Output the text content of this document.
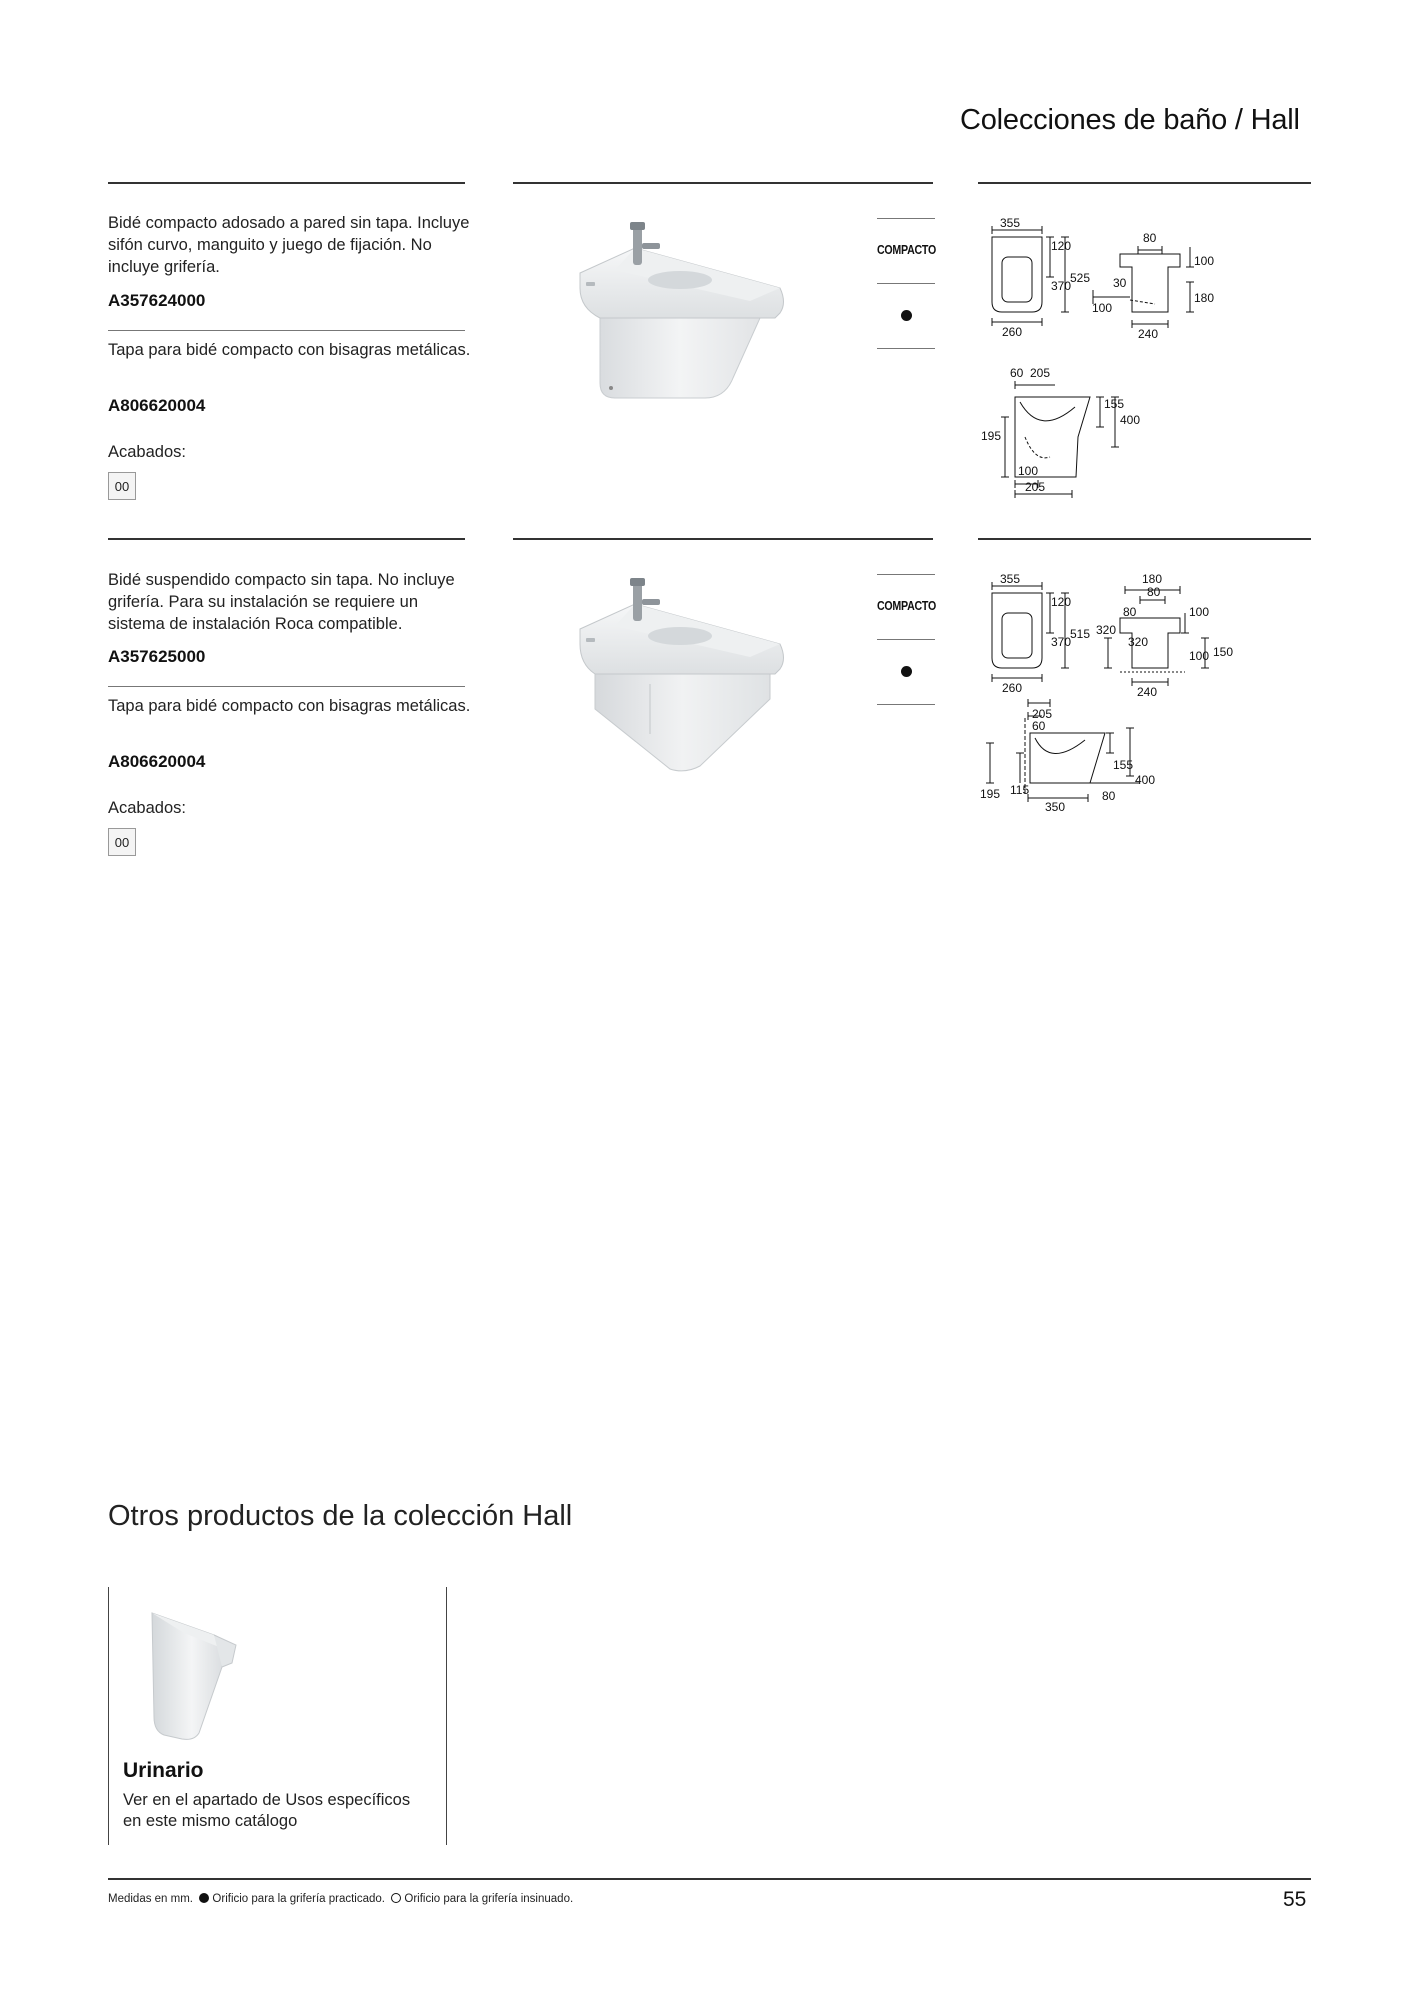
Colecciones de baño / Hall
Bidé compacto adosado a pared sin tapa. Incluye sifón curvo, manguito y juego de fijación. No incluye grifería.
A357624000
Tapa para bidé compacto con bisagras metálicas.
A806620004
Acabados:
00
COMPACTO
355
120
370
525
260
80
100
30
100
180
240
60 205
155
400
195
100
205
Bidé suspendido compacto sin tapa. No incluye grifería. Para su instalación se requiere un sistema de instalación Roca compatible.
A357625000
Tapa para bidé compacto con bisagras metálicas.
A806620004
Acabados:
00
COMPACTO
355
120
370
515
260
180
80
80	100
320
320
100 150
240
205
60
155
400
195 115	80
350
Otros productos de la colección Hall
Urinario
Ver en el apartado de Usos específicos en este mismo catálogo
Medidas en mm. Orificio para la grifería practicado. Orificio para la grifería insinuado.	55
